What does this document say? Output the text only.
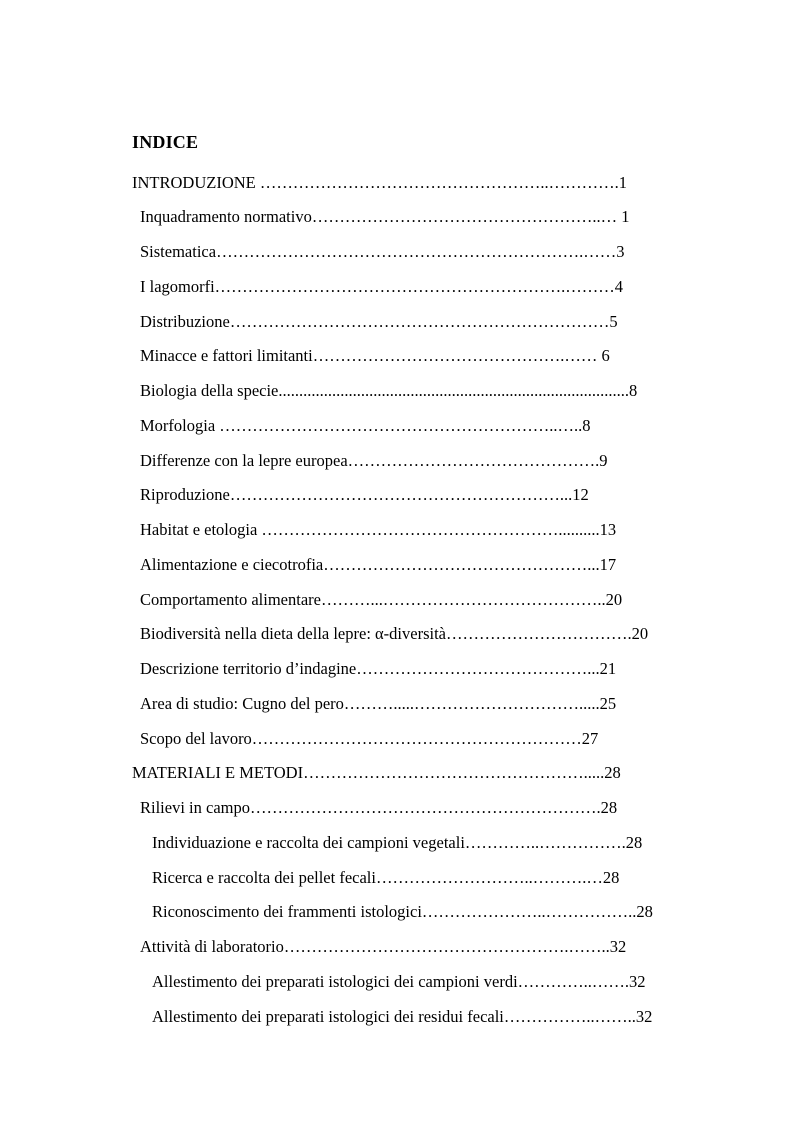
INDICE
INTRODUZIONE ……………………………………………..………….1
Inquadramento normativo……………………………………………..… 1
Sistematica………………………………………………………….……3
I lagomorfi……………………………………………………….………4
Distribuzione……………………………………………………………5
Minacce e fattori limitanti……………………………………….…… 6
Biologia della specie.....................................................................................8
Morfologia ……………………………………………………..…..8
Differenze con la lepre europea……………………………………….9
Riproduzione……………………………………………………...12
Habitat e etologia ………………………………………………..........13
Alimentazione e ciecotrofia…………………………………………...17
Comportamento alimentare………...…………………………………..20
Biodiversità nella dieta della lepre: α-diversità…………………………….20
Descrizione territorio d’indagine……………………………………...21
Area di studio: Cugno del pero……….....………………………….....25
Scopo del lavoro……………………………………………………27
MATERIALI E METODI…………………………………………….....28
Rilievi in campo……………………………………………………….28
Individuazione e raccolta dei campioni vegetali…………..…………….28
Ricerca e raccolta dei pellet fecali………………………..……….…28
Riconoscimento dei frammenti istologici…………………..……………..28
Attività di laboratorio…………………………………………….……..32
Allestimento dei preparati istologici dei campioni verdi…………..…….32
Allestimento dei preparati istologici dei residui fecali……………..……..32
